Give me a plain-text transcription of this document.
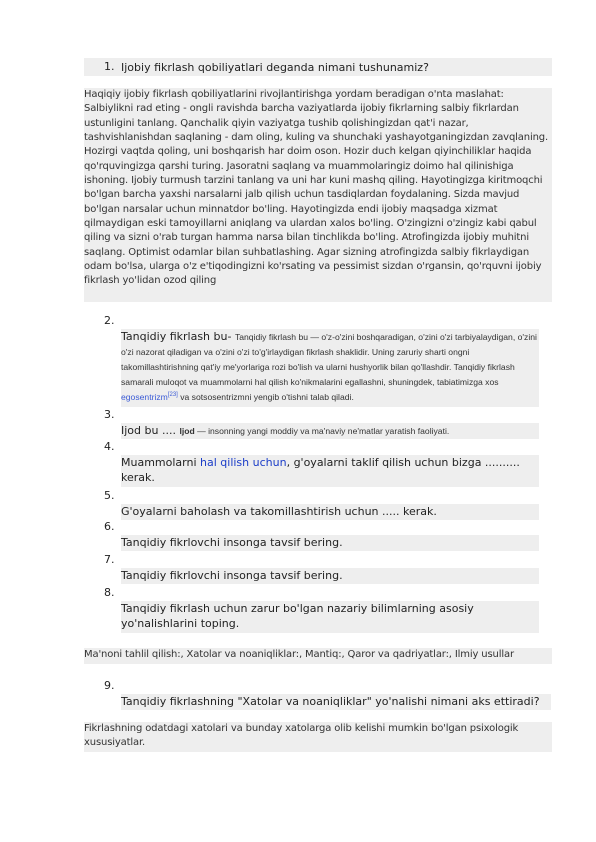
1. Ijobiy fikrlash qobiliyatlari deganda nimani tushunamiz?
Haqiqiy ijobiy fikrlash qobiliyatlarini rivojlantirishga yordam beradigan o'nta maslahat: Salbiylikni rad eting - ongli ravishda barcha vaziyatlarda ijobiy fikrlarning salbiy fikrlardan ustunligini tanlang. Qanchalik qiyin vaziyatga tushib qolishingizdan qat'i nazar, tashvishlanishdan saqlaning - dam oling, kuling va shunchaki yashayotganingizdan zavqlaning. Hozirgi vaqtda qoling, uni boshqarish har doim oson. Hozir duch kelgan qiyinchiliklar haqida qo'rquvingizga qarshi turing. Jasoratni saqlang va muammolaringiz doimo hal qilinishiga ishoning. Ijobiy turmush tarzini tanlang va uni har kuni mashq qiling. Hayotingizga kiritmoqchi bo'lgan barcha yaxshi narsalarni jalb qilish uchun tasdiqlardan foydalaning. Sizda mavjud bo'lgan narsalar uchun minnatdor bo'ling. Hayotingizda endi ijobiy maqsadga xizmat qilmaydigan eski tamoyillarni aniqlang va ulardan xalos bo'ling. O'zingizni o'zingiz kabi qabul qiling va sizni o'rab turgan hamma narsa bilan tinchlikda bo'ling. Atrofingizda ijobiy muhitni saqlang. Optimist odamlar bilan suhbatlashing. Agar sizning atrofingizda salbiy fikrlaydigan odam bo'lsa, ularga o'z e'tiqodingizni ko'rsating va pessimist sizdan o'rgansin, qo'rquvni ijobiy fikrlash yo'lidan ozod qiling
2.
Tanqidiy fikrlash bu- Tanqidiy fikrlash bu — o'z-o'zini boshqaradigan, o'zini o'zi tarbiyalaydigan, o'zini o'zi nazorat qiladigan va o'zini o'zi to'g'irlaydigan fikrlash shaklidir. Uning zaruriy sharti ongni takomillashtirishning qat'iy me'yorlariga rozi bo'lish va ularni hushyorlik bilan qo'llashdir. Tanqidiy fikrlash samarali muloqot va muammolarni hal qilish ko'nikmalarini egallashni, shuningdek, tabiatimizga xos egosentrizm[23] va sotsosentrizmni yengib o'tishni talab qiladi.
3.
Ijod bu .... Ijod — insonning yangi moddiy va ma'naviy ne'matlar yaratish faoliyati.
4.
Muammolarni hal qilish uchun, g'oyalarni taklif qilish uchun bizga ..........
kerak.
5.
G'oyalarni baholash va takomillashtirish uchun ..... kerak.
6.
Tanqidiy fikrlovchi insonga tavsif bering.
7.
Tanqidiy fikrlovchi insonga tavsif bering.
8.
Tanqidiy fikrlash uchun zarur bo'lgan nazariy bilimlarning asosiy yo'nalishlarini toping.
Ma'noni tahlil qilish:, Xatolar va noaniqliklar:, Mantiq:, Qaror va qadriyatlar:, Ilmiy usullar
9.
Tanqidiy fikrlashning "Xatolar va noaniqliklar" yo'nalishi nimani aks ettiradi?
Fikrlashning odatdagi xatolari va bunday xatolarga olib kelishi mumkin bo'lgan psixologik xususiyatlar.
